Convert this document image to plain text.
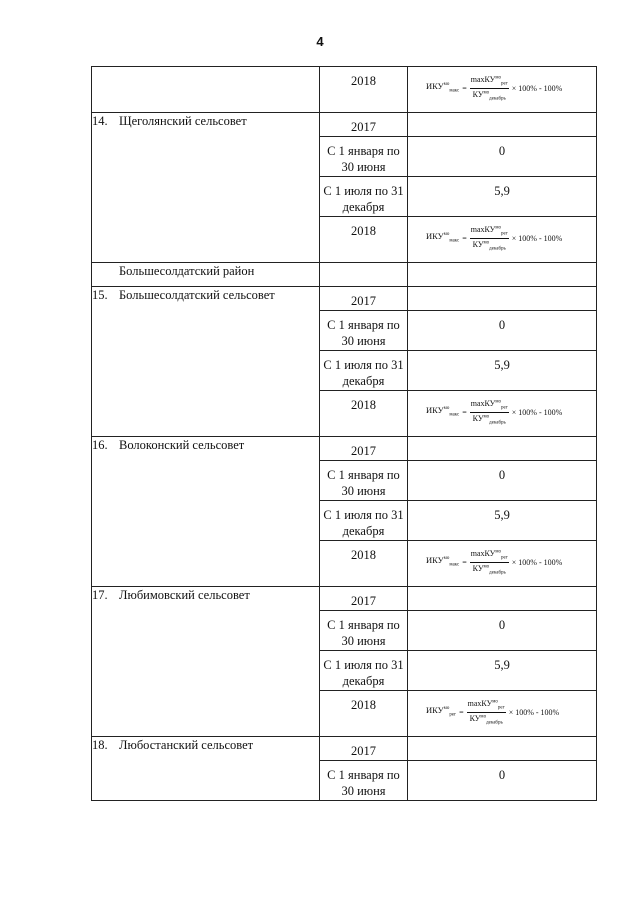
4

	2018	$ИКУ^{мо}_{макс} = \frac{\max КУ^{мо}_{рег}}{КУ^{мо}_{декабрь}} \times 100\% - 100\%$

14. Щеголянский сельсовет	2017	

	С 1 января по 30 июня	0

	С 1 июля по 31 декабря	5,9

	2018	$ИКУ^{мо}_{макс} = \frac{\max КУ^{мо}_{рег}}{КУ^{мо}_{декабрь}} \times 100\% - 100\%$

Большесолдатский район		
15. Большесолдатский сельсовет	2017	

	С 1 января по 30 июня	0

	С 1 июля по 31 декабря	5,9

	2018	$ИКУ^{мо}_{макс} = \frac{\max КУ^{мо}_{рег}}{КУ^{мо}_{декабрь}} \times 100\% - 100\%$

16. Волоконский сельсовет	2017	

	С 1 января по 30 июня	0

	С 1 июля по 31 декабря	5,9

	2018	$ИКУ^{мо}_{макс} = \frac{\max КУ^{мо}_{рег}}{КУ^{мо}_{декабрь}} \times 100\% - 100\%$

17. Любимовский сельсовет	2017	

	С 1 января по 30 июня	0

	С 1 июля по 31 декабря	5,9

	2018	$ИКУ^{мо}_{рег} = \frac{\max КУ^{мо}_{рег}}{КУ^{мо}_{декабрь}} \times 100\% - 100\%$

18. Любостанский сельсовет	2017	

	С 1 января по 30 июня	0
